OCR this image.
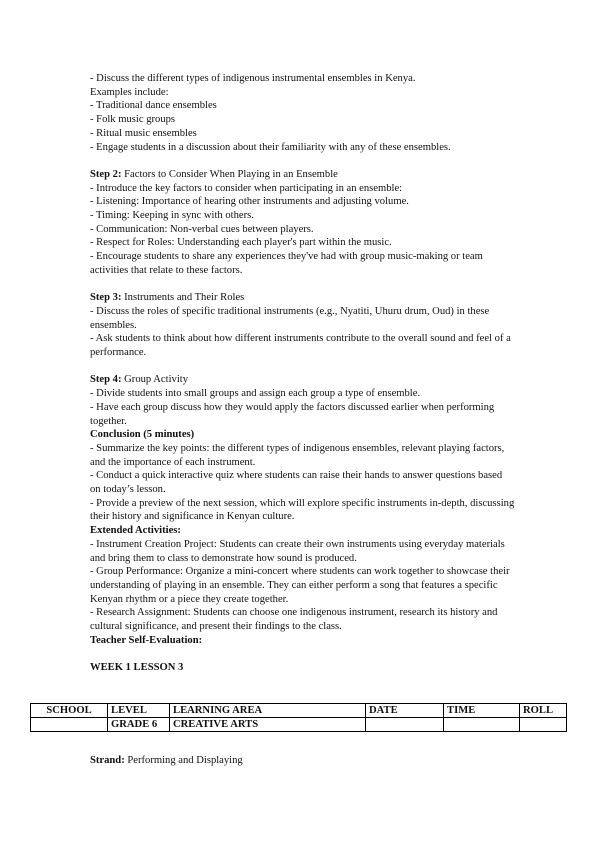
- Discuss the different types of indigenous instrumental ensembles in Kenya.
Examples include:
- Traditional dance ensembles
- Folk music groups
- Ritual music ensembles
- Engage students in a discussion about their familiarity with any of these ensembles.
Step 2: Factors to Consider When Playing in an Ensemble
- Introduce the key factors to consider when participating in an ensemble:
- Listening: Importance of hearing other instruments and adjusting volume.
- Timing: Keeping in sync with others.
- Communication: Non-verbal cues between players.
- Respect for Roles: Understanding each player's part within the music.
- Encourage students to share any experiences they've had with group music-making or team activities that relate to these factors.
Step 3: Instruments and Their Roles
- Discuss the roles of specific traditional instruments (e.g., Nyatiti, Uhuru drum, Oud) in these ensembles.
- Ask students to think about how different instruments contribute to the overall sound and feel of a performance.
Step 4: Group Activity
- Divide students into small groups and assign each group a type of ensemble.
- Have each group discuss how they would apply the factors discussed earlier when performing together.
Conclusion (5 minutes)
- Summarize the key points: the different types of indigenous ensembles, relevant playing factors, and the importance of each instrument.
- Conduct a quick interactive quiz where students can raise their hands to answer questions based on today’s lesson.
- Provide a preview of the next session, which will explore specific instruments in-depth, discussing their history and significance in Kenyan culture.
Extended Activities:
- Instrument Creation Project: Students can create their own instruments using everyday materials and bring them to class to demonstrate how sound is produced.
- Group Performance: Organize a mini-concert where students can work together to showcase their understanding of playing in an ensemble. They can either perform a song that features a specific Kenyan rhythm or a piece they create together.
- Research Assignment: Students can choose one indigenous instrument, research its history and cultural significance, and present their findings to the class.
Teacher Self-Evaluation:
WEEK 1 LESSON 3
SCHOOL	LEVEL	LEARNING AREA	DATE	TIME	ROLL
	GRADE 6	CREATIVE ARTS			
Strand: Performing and Displaying
